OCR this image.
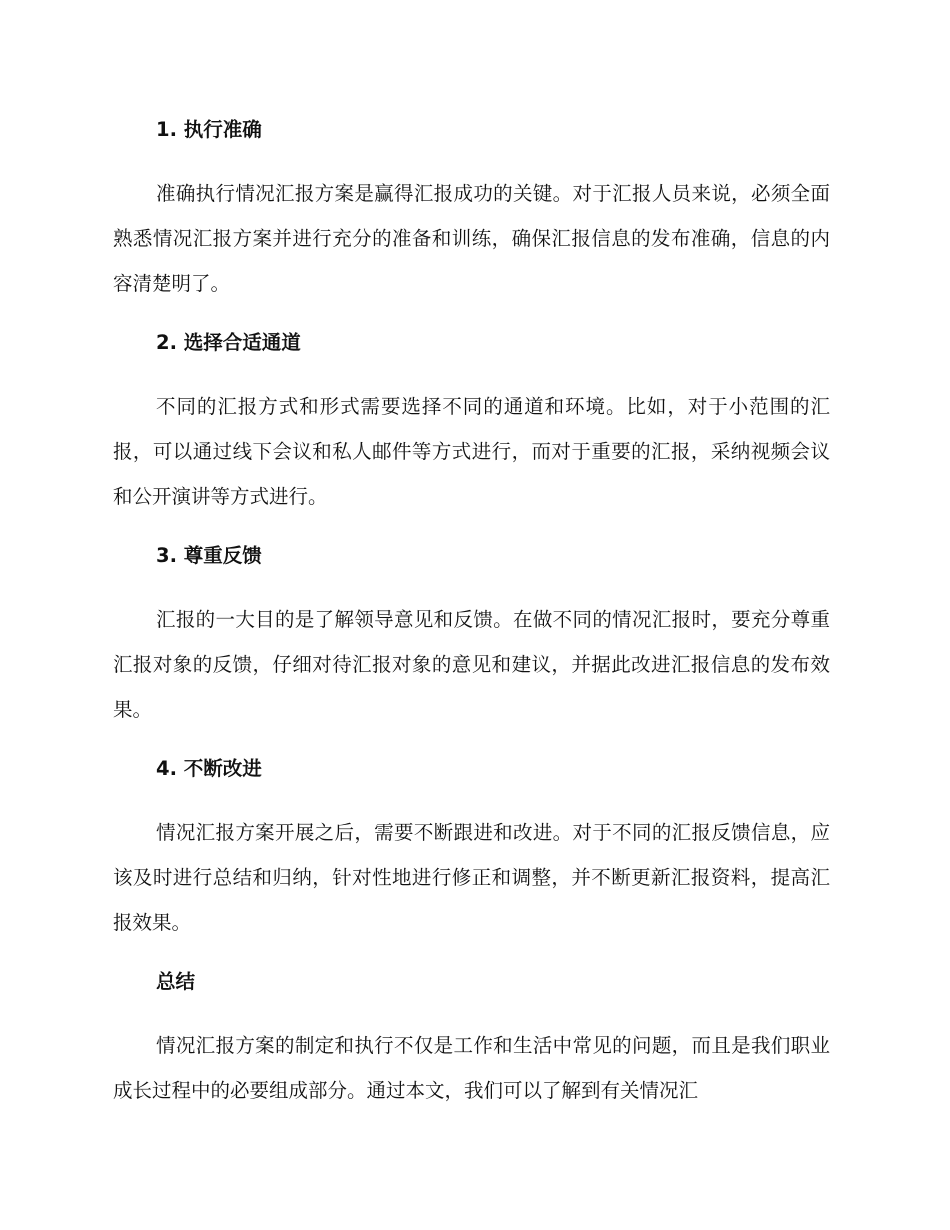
1. 执行准确

准确执行情况汇报方案是赢得汇报成功的关键。对于汇报人员来说，必须全面熟悉情况汇报方案并进行充分的准备和训练，确保汇报信息的发布准确，信息的内容清楚明了。

2. 选择合适通道

不同的汇报方式和形式需要选择不同的通道和环境。比如，对于小范围的汇报，可以通过线下会议和私人邮件等方式进行，而对于重要的汇报，采纳视频会议和公开演讲等方式进行。

3. 尊重反馈

汇报的一大目的是了解领导意见和反馈。在做不同的情况汇报时，要充分尊重汇报对象的反馈，仔细对待汇报对象的意见和建议，并据此改进汇报信息的发布效果。

4. 不断改进

情况汇报方案开展之后，需要不断跟进和改进。对于不同的汇报反馈信息，应该及时进行总结和归纳，针对性地进行修正和调整，并不断更新汇报资料，提高汇报效果。

总结

情况汇报方案的制定和执行不仅是工作和生活中常见的问题，而且是我们职业成长过程中的必要组成部分。通过本文，我们可以了解到有关情况汇
